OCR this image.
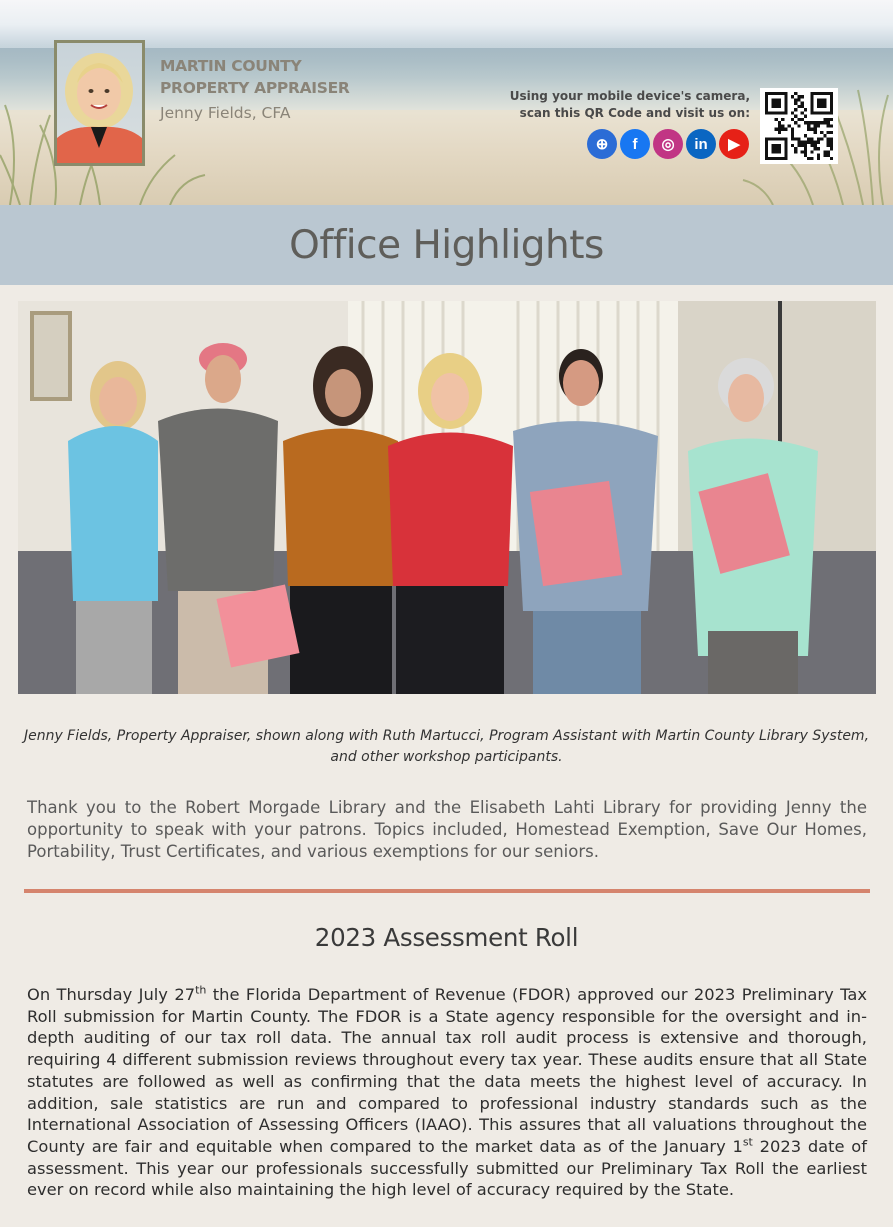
MARTIN COUNTY
PROPERTY APPRAISER
Jenny Fields, CFA
Using your mobile device's camera,
scan this QR Code and visit us on:
⊕	f	◎	in	▶
Office Highlights
Jenny Fields, Property Appraiser, shown along with Ruth Martucci, Program Assistant with Martin County Library System, and other workshop participants.

Thank you to the Robert Morgade Library and the Elisabeth Lahti Library for providing Jenny the opportunity to speak with your patrons. Topics included, Homestead Exemption, Save Our Homes, Portability, Trust Certificates, and various exemptions for our seniors.

2023 Assessment Roll

On Thursday July 27th the Florida Department of Revenue (FDOR) approved our 2023 Preliminary Tax Roll submission for Martin County. The FDOR is a State agency responsible for the oversight and in-depth auditing of our tax roll data. The annual tax roll audit process is extensive and thorough, requiring 4 different submission reviews throughout every tax year. These audits ensure that all State statutes are followed as well as confirming that the data meets the highest level of accuracy. In addition, sale statistics are run and compared to professional industry standards such as the International Association of Assessing Officers (IAAO). This assures that all valuations throughout the County are fair and equitable when compared to the market data as of the January 1st 2023 date of assessment. This year our professionals successfully submitted our Preliminary Tax Roll the earliest ever on record while also maintaining the high level of accuracy required by the State.
